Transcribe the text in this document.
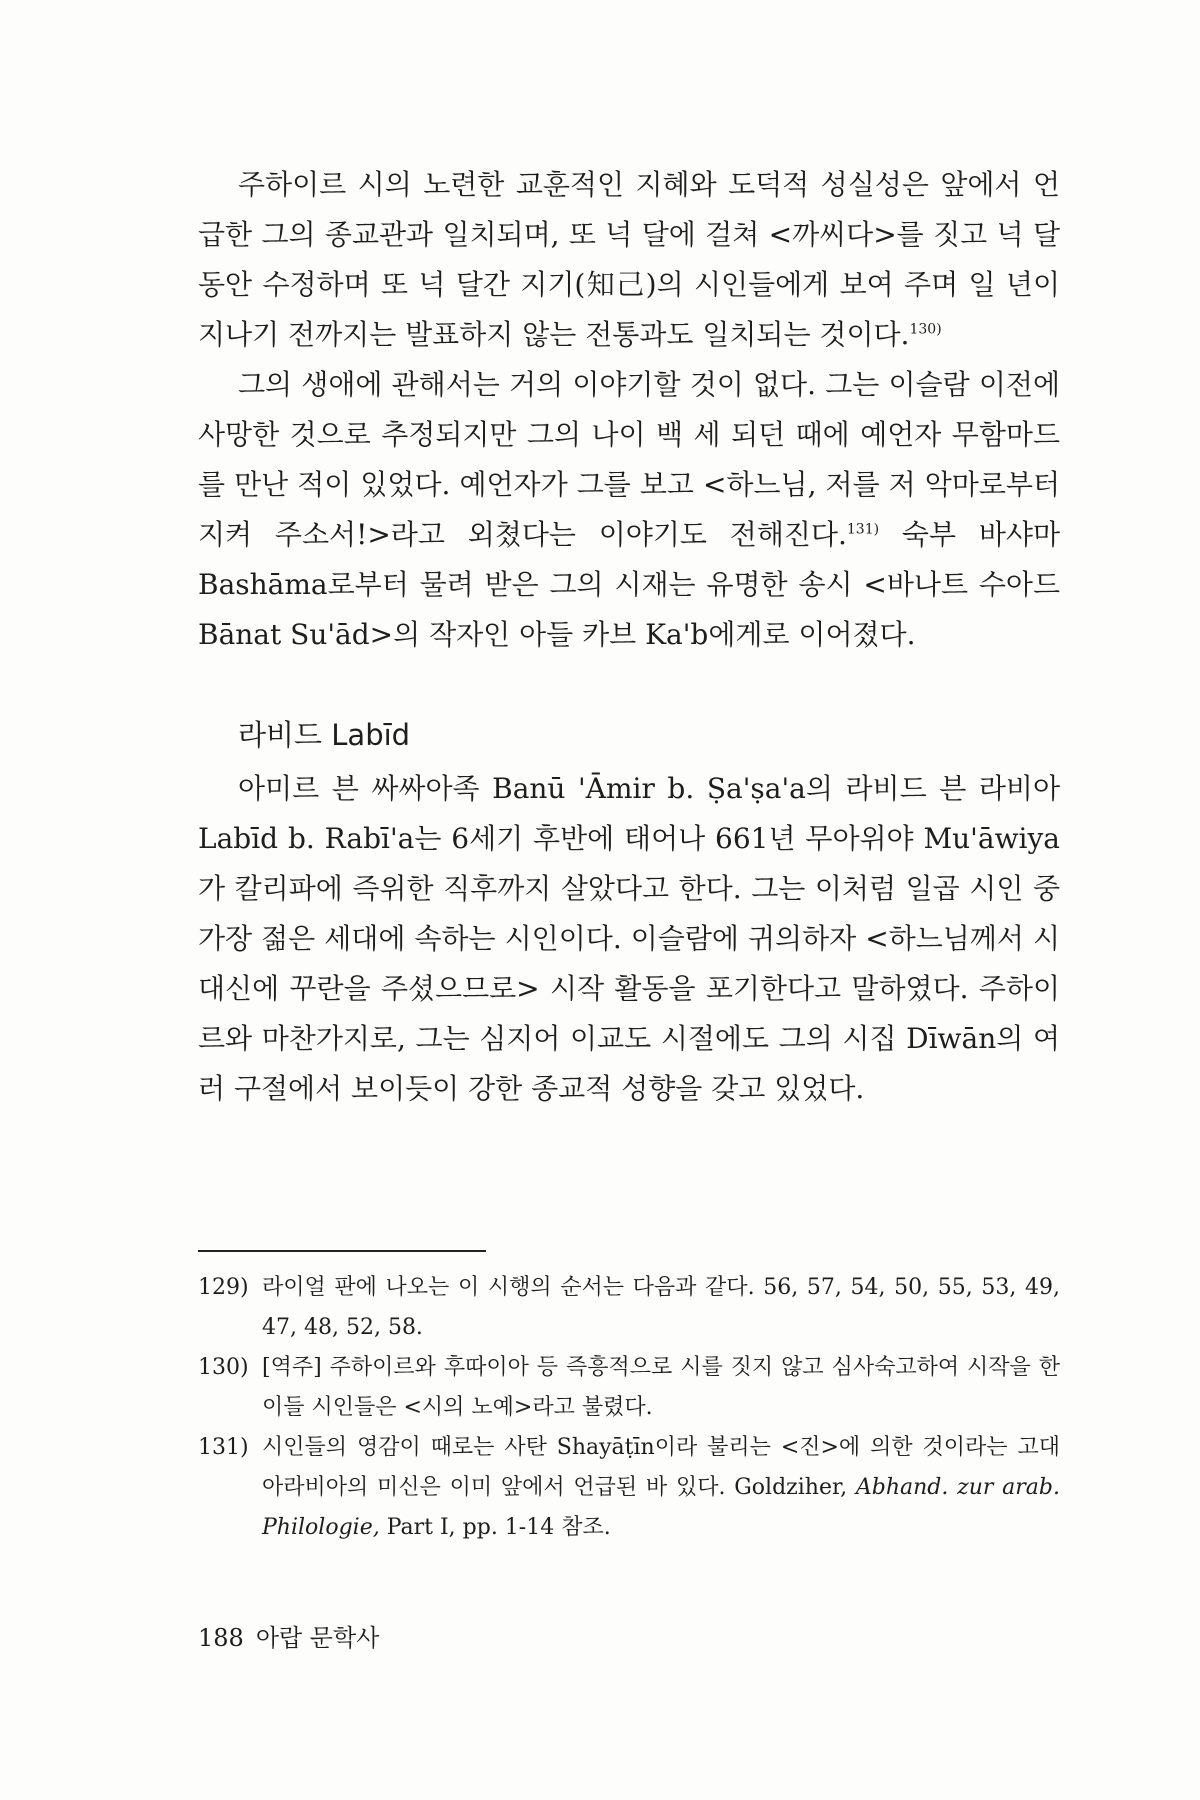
주하이르 시의 노련한 교훈적인 지혜와 도덕적 성실성은 앞에서 언급한 그의 종교관과 일치되며, 또 넉 달에 걸쳐 <까씨다>를 짓고 넉 달 동안 수정하며 또 넉 달간 지기(知己)의 시인들에게 보여 주며 일 년이 지나기 전까지는 발표하지 않는 전통과도 일치되는 것이다.$^{130)}$

그의 생애에 관해서는 거의 이야기할 것이 없다. 그는 이슬람 이전에 사망한 것으로 추정되지만 그의 나이 백 세 되던 때에 예언자 무함마드를 만난 적이 있었다. 예언자가 그를 보고 <하느님, 저를 저 악마로부터 지켜 주소서!>라고 외쳤다는 이야기도 전해진다.$^{131)}$ 숙부 바샤마 Bashāma로부터 물려 받은 그의 시재는 유명한 송시 <바나트 수아드 Bānat Su'ād>의 작자인 아들 카브 Ka'b에게로 이어졌다.

라비드 Labīd

아미르 븐 싸싸아족 Banū 'Āmir b. Ṣa'ṣa'a의 라비드 븐 라비아 Labīd b. Rabī'a는 6세기 후반에 태어나 661년 무아위야 Mu'āwiya가 칼리파에 즉위한 직후까지 살았다고 한다. 그는 이처럼 일곱 시인 중 가장 젊은 세대에 속하는 시인이다. 이슬람에 귀의하자 <하느님께서 시 대신에 꾸란을 주셨으므로> 시작 활동을 포기한다고 말하였다. 주하이르와 마찬가지로, 그는 심지어 이교도 시절에도 그의 시집 Dīwān의 여러 구절에서 보이듯이 강한 종교적 성향을 갖고 있었다.

129) 라이얼 판에 나오는 이 시행의 순서는 다음과 같다. 56, 57, 54, 50, 55, 53, 49, 47, 48, 52, 58.

130) [역주] 주하이르와 후따이아 등 즉흥적으로 시를 짓지 않고 심사숙고하여 시작을 한 이들 시인들은 <시의 노예>라고 불렸다.

131) 시인들의 영감이 때로는 사탄 Shayāṭīn이라 불리는 <진>에 의한 것이라는 고대 아라비아의 미신은 이미 앞에서 언급된 바 있다. Goldziher, Abhand. zur arab. Philologie, Part I, pp. 1-14 참조.

188 아랍 문학사
